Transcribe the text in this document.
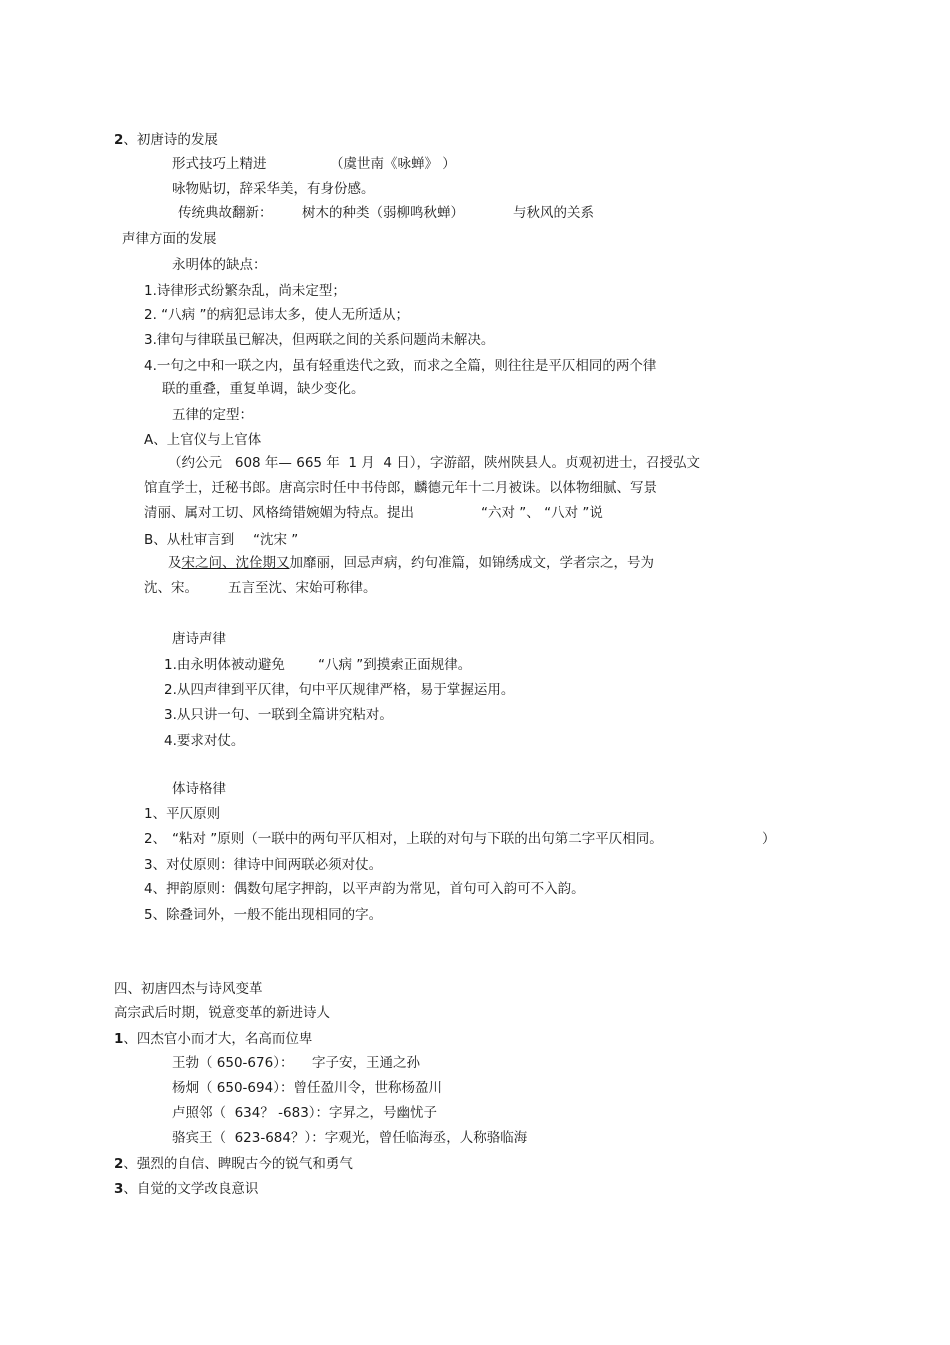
2、初唐诗的发展
形式技巧上精进	（虞世南《咏蝉》 ）
咏物贴切，辞采华美，有身份感。
传统典故翻新： 树木的种类（弱柳鸣秋蝉）	与秋风的关系
声律方面的发展
永明体的缺点：
1.诗律形式纷繁杂乱，尚未定型；
2. “八病 ”的病犯忌讳太多，使人无所适从；
3.律句与律联虽已解决，但两联之间的关系问题尚未解决。
4.一句之中和一联之内，虽有轻重迭代之致，而求之全篇，则往往是平仄相同的两个律
联的重叠，重复单调，缺少变化。
五律的定型：
A、上官仪与上官体
（约公元   608 年— 665 年  1 月  4 日），字游韶，陕州陕县人。贞观初进士，召授弘文
馆直学士，迁秘书郎。唐高宗时任中书侍郎，麟德元年十二月被诛。以体物细腻、写景
清丽、属对工切、风格绮错婉媚为特点。提出	“六对 ”、 “八对 ”说
B、从杜审言到 “沈宋 ”
及宋之问、沈佺期又加靡丽，回忌声病，约句准篇，如锦绣成文，学者宗之，号为
沈、宋。 五言至沈、宋始可称律。
唐诗声律
1.由永明体被动避免 “八病 ”到摸索正面规律。
2.从四声律到平仄律，句中平仄规律严格，易于掌握运用。
3.从只讲一句、一联到全篇讲究粘对。
4.要求对仗。
体诗格律
1、平仄原则
2、 “粘对 ”原则（一联中的两句平仄相对，上联的对句与下联的出句第二字平仄相同。	）
3、对仗原则：律诗中间两联必须对仗。
4、押韵原则：偶数句尾字押韵，以平声韵为常见，首句可入韵可不入韵。
5、除叠词外，一般不能出现相同的字。
四、初唐四杰与诗风变革
高宗武后时期，锐意变革的新进诗人
1、四杰官小而才大，名高而位卑
王勃（ 650-676）： 字子安，王通之孙
杨炯（ 650-694）：曾任盈川令，世称杨盈川
卢照邻（  634？ -683）：字昇之，号幽忧子
骆宾王（  623-684？）：字观光，曾任临海丞，人称骆临海
2、强烈的自信、睥睨古今的锐气和勇气
3、自觉的文学改良意识
